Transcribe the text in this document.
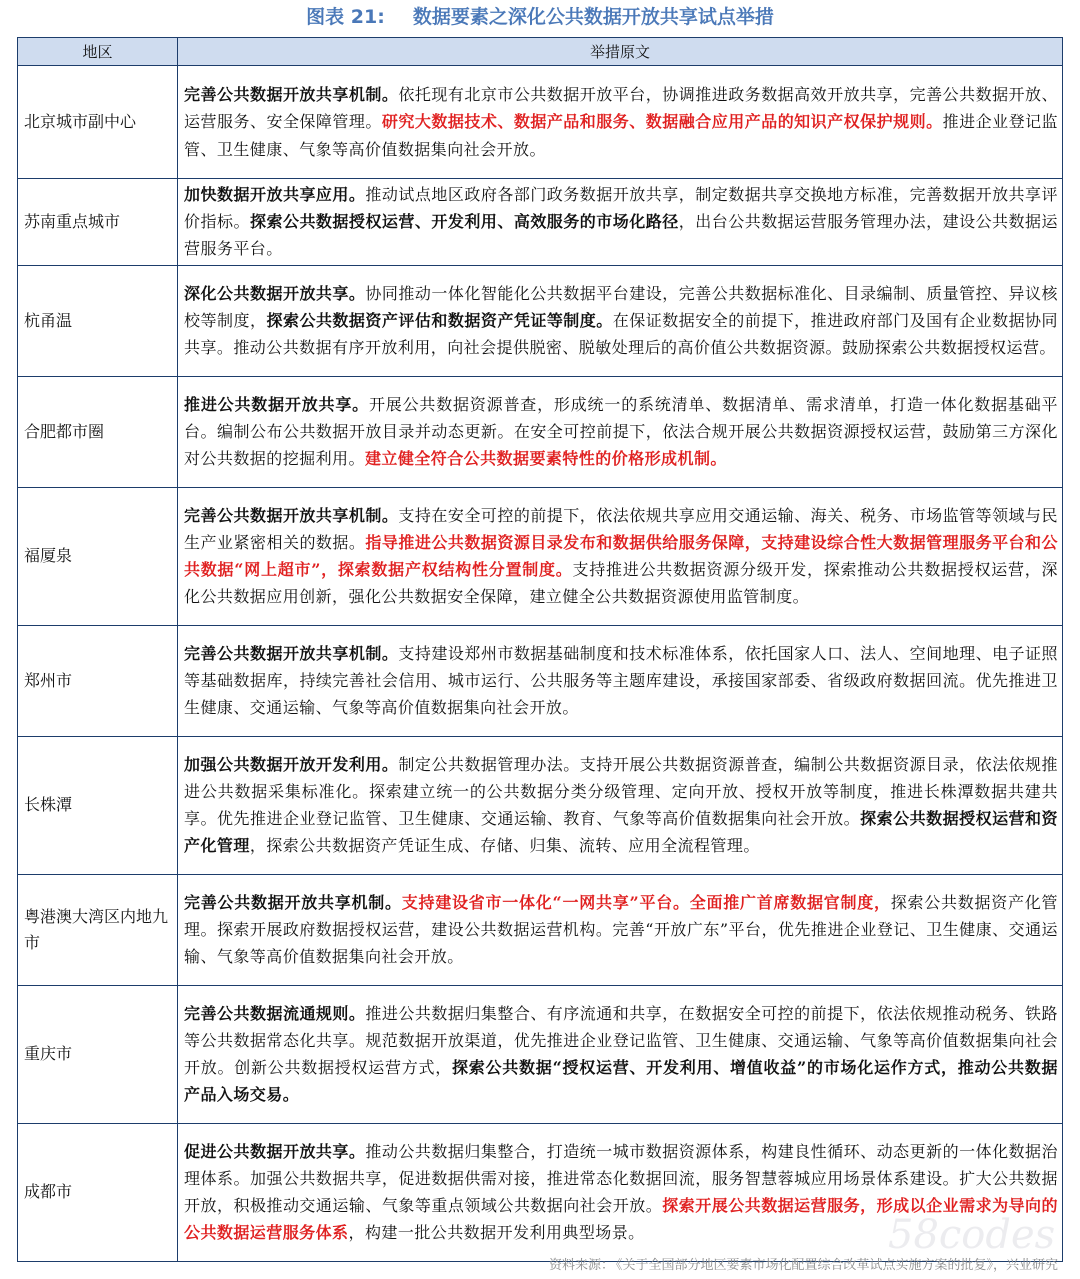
图表 21: 数据要素之深化公共数据开放共享试点举措
地区	举措原文
北京城市副中心	完善公共数据开放共享机制。依托现有北京市公共数据开放平台，协调推进政务数据高效开放共享，完善公共数据开放、运营服务、安全保障管理。研究大数据技术、数据产品和服务、数据融合应用产品的知识产权保护规则。推进企业登记监管、卫生健康、气象等高价值数据集向社会开放。
苏南重点城市	加快数据开放共享应用。推动试点地区政府各部门政务数据开放共享，制定数据共享交换地方标准，完善数据开放共享评价指标。探索公共数据授权运营、开发利用、高效服务的市场化路径，出台公共数据运营服务管理办法，建设公共数据运营服务平台。
杭甬温	深化公共数据开放共享。协同推动一体化智能化公共数据平台建设，完善公共数据标准化、目录编制、质量管控、异议核校等制度，探索公共数据资产评估和数据资产凭证等制度。在保证数据安全的前提下，推进政府部门及国有企业数据协同共享。推动公共数据有序开放利用，向社会提供脱密、脱敏处理后的高价值公共数据资源。鼓励探索公共数据授权运营。
合肥都市圈	推进公共数据开放共享。开展公共数据资源普查，形成统一的系统清单、数据清单、需求清单，打造一体化数据基础平台。编制公布公共数据开放目录并动态更新。在安全可控前提下，依法合规开展公共数据资源授权运营，鼓励第三方深化对公共数据的挖掘利用。建立健全符合公共数据要素特性的价格形成机制。
福厦泉	完善公共数据开放共享机制。支持在安全可控的前提下，依法依规共享应用交通运输、海关、税务、市场监管等领域与民生产业紧密相关的数据。指导推进公共数据资源目录发布和数据供给服务保障，支持建设综合性大数据管理服务平台和公共数据“网上超市”，探索数据产权结构性分置制度。支持推进公共数据资源分级开发，探索推动公共数据授权运营，深化公共数据应用创新，强化公共数据安全保障，建立健全公共数据资源使用监管制度。
郑州市	完善公共数据开放共享机制。支持建设郑州市数据基础制度和技术标准体系，依托国家人口、法人、空间地理、电子证照等基础数据库，持续完善社会信用、城市运行、公共服务等主题库建设，承接国家部委、省级政府数据回流。优先推进卫生健康、交通运输、气象等高价值数据集向社会开放。
长株潭	加强公共数据开放开发利用。制定公共数据管理办法。支持开展公共数据资源普查，编制公共数据资源目录，依法依规推进公共数据采集标准化。探索建立统一的公共数据分类分级管理、定向开放、授权开放等制度，推进长株潭数据共建共享。优先推进企业登记监管、卫生健康、交通运输、教育、气象等高价值数据集向社会开放。探索公共数据授权运营和资产化管理，探索公共数据资产凭证生成、存储、归集、流转、应用全流程管理。
粤港澳大湾区内地九市	完善公共数据开放共享机制。支持建设省市一体化“一网共享”平台。全面推广首席数据官制度，探索公共数据资产化管理。探索开展政府数据授权运营，建设公共数据运营机构。完善“开放广东”平台，优先推进企业登记、卫生健康、交通运输、气象等高价值数据集向社会开放。
重庆市	完善公共数据流通规则。推进公共数据归集整合、有序流通和共享，在数据安全可控的前提下，依法依规推动税务、铁路等公共数据常态化共享。规范数据开放渠道，优先推进企业登记监管、卫生健康、交通运输、气象等高价值数据集向社会开放。创新公共数据授权运营方式，探索公共数据“授权运营、开发利用、增值收益”的市场化运作方式，推动公共数据产品入场交易。
成都市	促进公共数据开放共享。推动公共数据归集整合，打造统一城市数据资源体系，构建良性循环、动态更新的一体化数据治理体系。加强公共数据共享，促进数据供需对接，推进常态化数据回流，服务智慧蓉城应用场景体系建设。扩大公共数据开放，积极推动交通运输、气象等重点领域公共数据向社会开放。探索开展公共数据运营服务，形成以企业需求为导向的公共数据运营服务体系，构建一批公共数据开发利用典型场景。	58codes
资料来源： 《关于全国部分地区要素市场化配置综合改革试点实施方案的批复》，兴业研究
